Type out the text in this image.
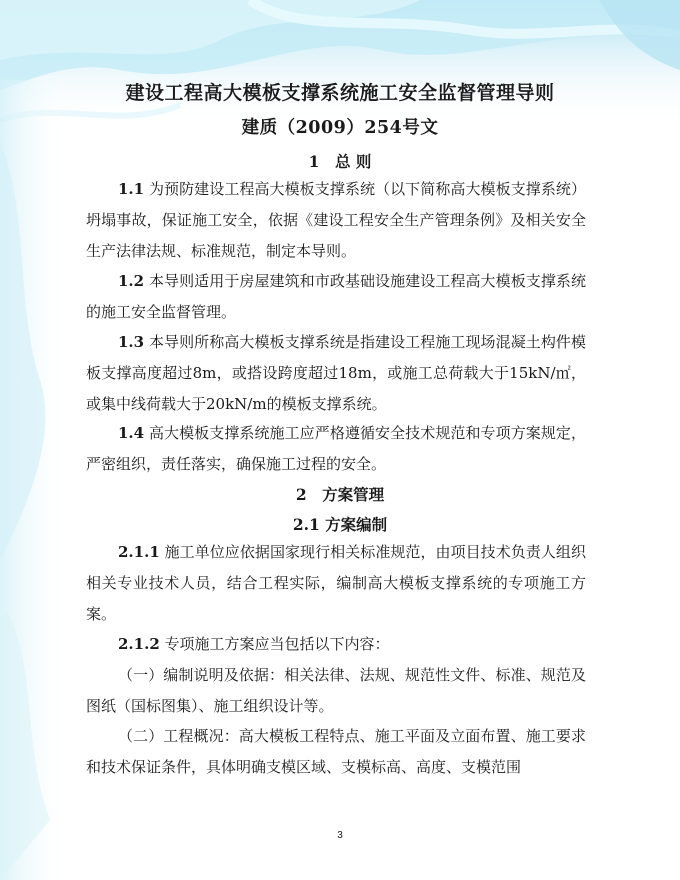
建设工程高大模板支撑系统施工安全监督管理导则
建质（2009）254号文
1　总 则
1.1 为预防建设工程高大模板支撑系统（以下简称高大模板支撑系统）坍塌事故，保证施工安全，依据《建设工程安全生产管理条例》及相关安全生产法律法规、标准规范，制定本导则。
1.2 本导则适用于房屋建筑和市政基础设施建设工程高大模板支撑系统的施工安全监督管理。
1.3 本导则所称高大模板支撑系统是指建设工程施工现场混凝土构件模板支撑高度超过8m，或搭设跨度超过18m，或施工总荷载大于15kN/㎡，或集中线荷载大于20kN/m的模板支撑系统。
1.4 高大模板支撑系统施工应严格遵循安全技术规范和专项方案规定，严密组织，责任落实，确保施工过程的安全。
2　方案管理
2.1 方案编制
2.1.1 施工单位应依据国家现行相关标准规范，由项目技术负责人组织相关专业技术人员，结合工程实际，编制高大模板支撑系统的专项施工方案。
2.1.2 专项施工方案应当包括以下内容：
（一）编制说明及依据：相关法律、法规、规范性文件、标准、规范及图纸（国标图集）、施工组织设计等。
（二）工程概况：高大模板工程特点、施工平面及立面布置、施工要求和技术保证条件，具体明确支模区域、支模标高、高度、支模范围
3
